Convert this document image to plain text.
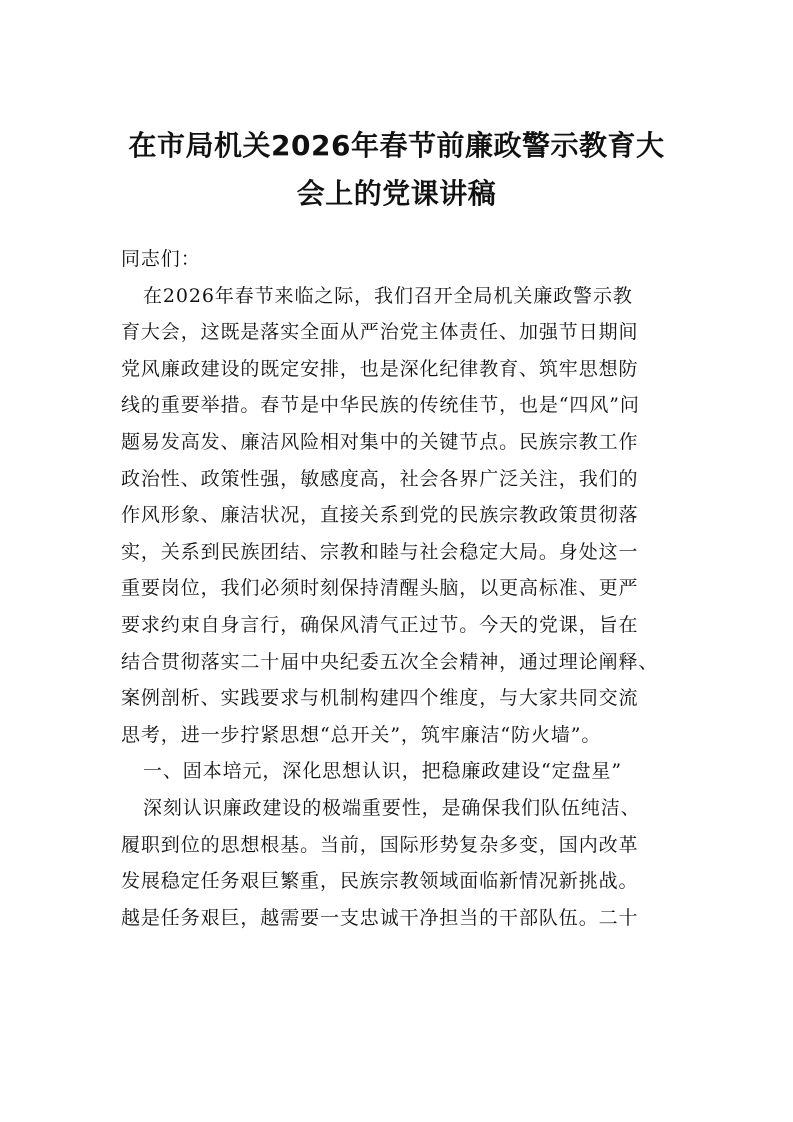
在市局机关2026年春节前廉政警示教育大
会上的党课讲稿
同志们：
在2026年春节来临之际，我们召开全局机关廉政警示教
育大会，这既是落实全面从严治党主体责任、加强节日期间
党风廉政建设的既定安排，也是深化纪律教育、筑牢思想防
线的重要举措。春节是中华民族的传统佳节，也是“四风”问
题易发高发、廉洁风险相对集中的关键节点。民族宗教工作
政治性、政策性强，敏感度高，社会各界广泛关注，我们的
作风形象、廉洁状况，直接关系到党的民族宗教政策贯彻落
实，关系到民族团结、宗教和睦与社会稳定大局。身处这一
重要岗位，我们必须时刻保持清醒头脑，以更高标准、更严
要求约束自身言行，确保风清气正过节。今天的党课，旨在
结合贯彻落实二十届中央纪委五次全会精神，通过理论阐释、
案例剖析、实践要求与机制构建四个维度，与大家共同交流
思考，进一步拧紧思想“总开关”，筑牢廉洁“防火墙”。
一、固本培元，深化思想认识，把稳廉政建设“定盘星”
深刻认识廉政建设的极端重要性，是确保我们队伍纯洁、
履职到位的思想根基。当前，国际形势复杂多变，国内改革
发展稳定任务艰巨繁重，民族宗教领域面临新情况新挑战。
越是任务艰巨，越需要一支忠诚干净担当的干部队伍。二十
